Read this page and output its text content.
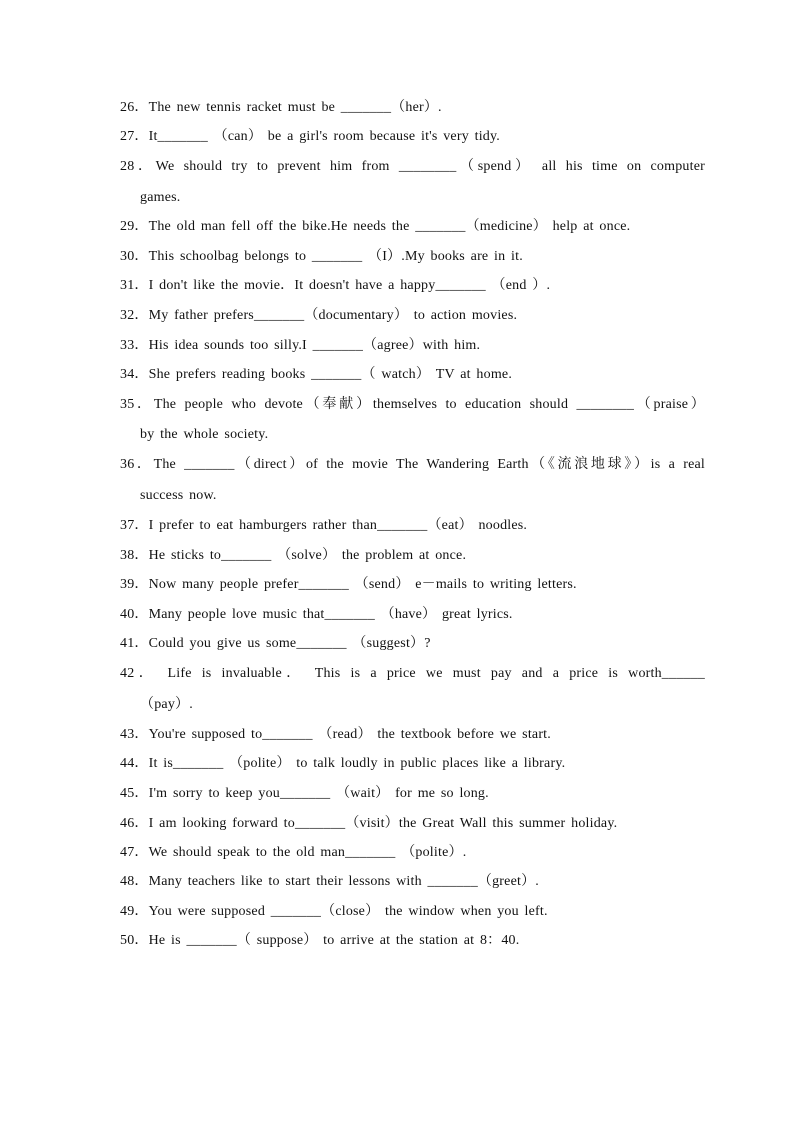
26．The new tennis racket must be _______（her）.
27．It_______ （can） be a girl's room because it's very tidy.
28．We should try to prevent him from ________（spend） all his time on computer
games.
29．The old man fell off the bike.He needs the _______（medicine） help at once.
30．This schoolbag belongs to _______ （I）.My books are in it.
31．I don't like the movie．It doesn't have a happy_______ （end ）.
32．My father prefers_______（documentary） to action movies.
33．His idea sounds too silly.I _______（agree）with him.
34．She prefers reading books _______（ watch） TV at home.
35．The people who devote（奉献）themselves to education should ________（praise）
by the whole society.
36．The _______（direct）of the movie The Wandering Earth（《流浪地球》）is a real
success now.
37．I prefer to eat hamburgers rather than_______（eat） noodles.
38．He sticks to_______ （solve） the problem at once.
39．Now many people prefer_______ （send） e－mails to writing letters.
40．Many people love music that_______ （have） great lyrics.
41．Could you give us some_______ （suggest）?
42． Life is invaluable． This is a price we must pay and a price is worth______
（pay）.
43．You're supposed to_______ （read） the textbook before we start.
44．It is_______ （polite） to talk loudly in public places like a library.
45．I'm sorry to keep you_______ （wait） for me so long.
46．I am looking forward to_______（visit）the Great Wall this summer holiday.
47．We should speak to the old man_______ （polite）.
48．Many teachers like to start their lessons with _______（greet）.
49．You were supposed _______（close） the window when you left.
50．He is _______（ suppose） to arrive at the station at 8：40.
